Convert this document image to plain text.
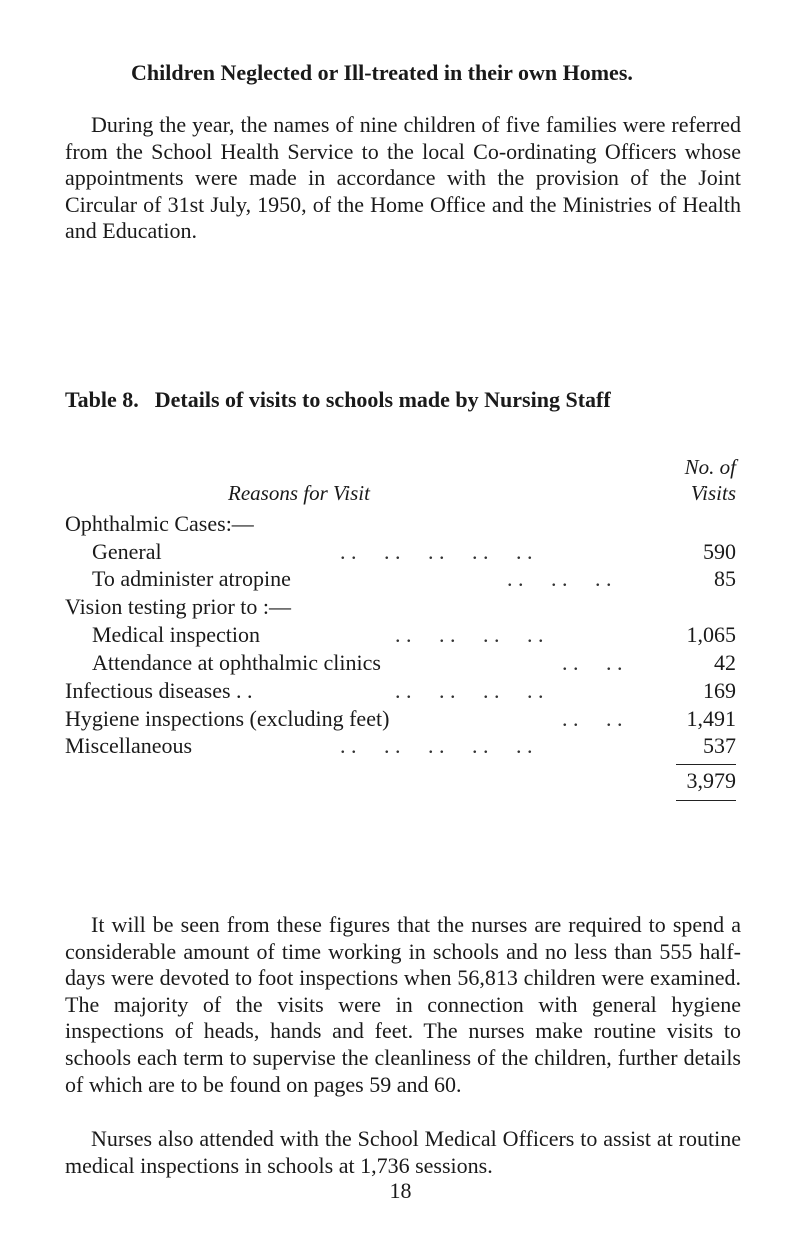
Children Neglected or Ill-treated in their own Homes.

During the year, the names of nine children of five families were referred from the School Health Service to the local Co-ordinating Officers whose appointments were made in accordance with the provision of the Joint Circular of 31st July, 1950, of the Home Office and the Ministries of Health and Education.

Table 8. Details of visits to schools made by Nursing Staff
Reasons for Visit
No. of
Visits
Ophthalmic Cases:—
General	. .     . .     . .     . .     . .	590
To administer atropine	. .     . .     . .	85
Vision testing prior to :—
Medical inspection	. .     . .     . .     . .	1,065
Attendance at ophthalmic clinics	. .     . .	42
Infectious diseases . .	. .     . .     . .     . .	169
Hygiene inspections (excluding feet)	. .     . .	1,491
Miscellaneous	. .     . .     . .     . .     . .	537
3,979

It will be seen from these figures that the nurses are required to spend a considerable amount of time working in schools and no less than 555 half-days were devoted to foot inspections when 56,813 children were examined. The majority of the visits were in connection with general hygiene inspections of heads, hands and feet. The nurses make routine visits to schools each term to supervise the cleanliness of the children, further details of which are to be found on pages 59 and 60.

Nurses also attended with the School Medical Officers to assist at routine medical inspections in schools at 1,736 sessions.

18
